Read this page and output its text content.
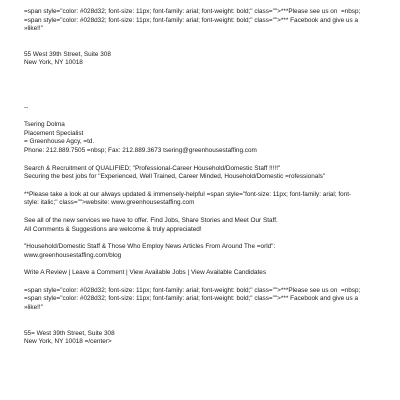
=span style="color: #028d32; font-size: 11px; font-family: arial; font-weight: bold;" class="">***Please see us on  =nbsp;

=span style="color: #028d32; font-size: 11px; font-family: arial; font-weight: bold;" class="">*** Facebook and give us a

»like!!"

55 West 39th Street, Suite 308

New York, NY 10018

--

Tsering Dolma

Placement Specialist

= Greenhouse Agcy, =td.

Phone: 212.889.7505 =nbsp; Fax: 212.889.3673 tsering@greenhousestaffing.com

Search & Recruitment of QUALIFIED; "Professional-Career Household/Domestic Staff !!!!!"

Securing the best jobs for "Experienced, Well Trained, Career Minded, Household/Domestic =rofessionals"

**Please take a look at our always updated & immensely-helpful =span style="font-size: 11px; font-family: arial; font-

style: italic;" class="">website: www.greenhousestaffing.com

See all of the new services we have to offer. Find Jobs, Share Stories and Meet Our Staff.

All Comments & Suggestions are welcome & truly appreciated!

"Household/Domestic Staff & Those Who Employ News Articles From Around The =orld":

www.greenhousestaffing.com/blog

Write A Review | Leave a Comment | View Available Jobs | View Available Candidates

=span style="color: #028d32; font-size: 11px; font-family: arial; font-weight: bold;" class="">***Please see us on  =nbsp;

=span style="color: #028d32; font-size: 11px; font-family: arial; font-weight: bold;" class="">*** Facebook and give us a

»like!!"

55= West 39th Street, Suite 308

New York, NY 10018 =/center>
